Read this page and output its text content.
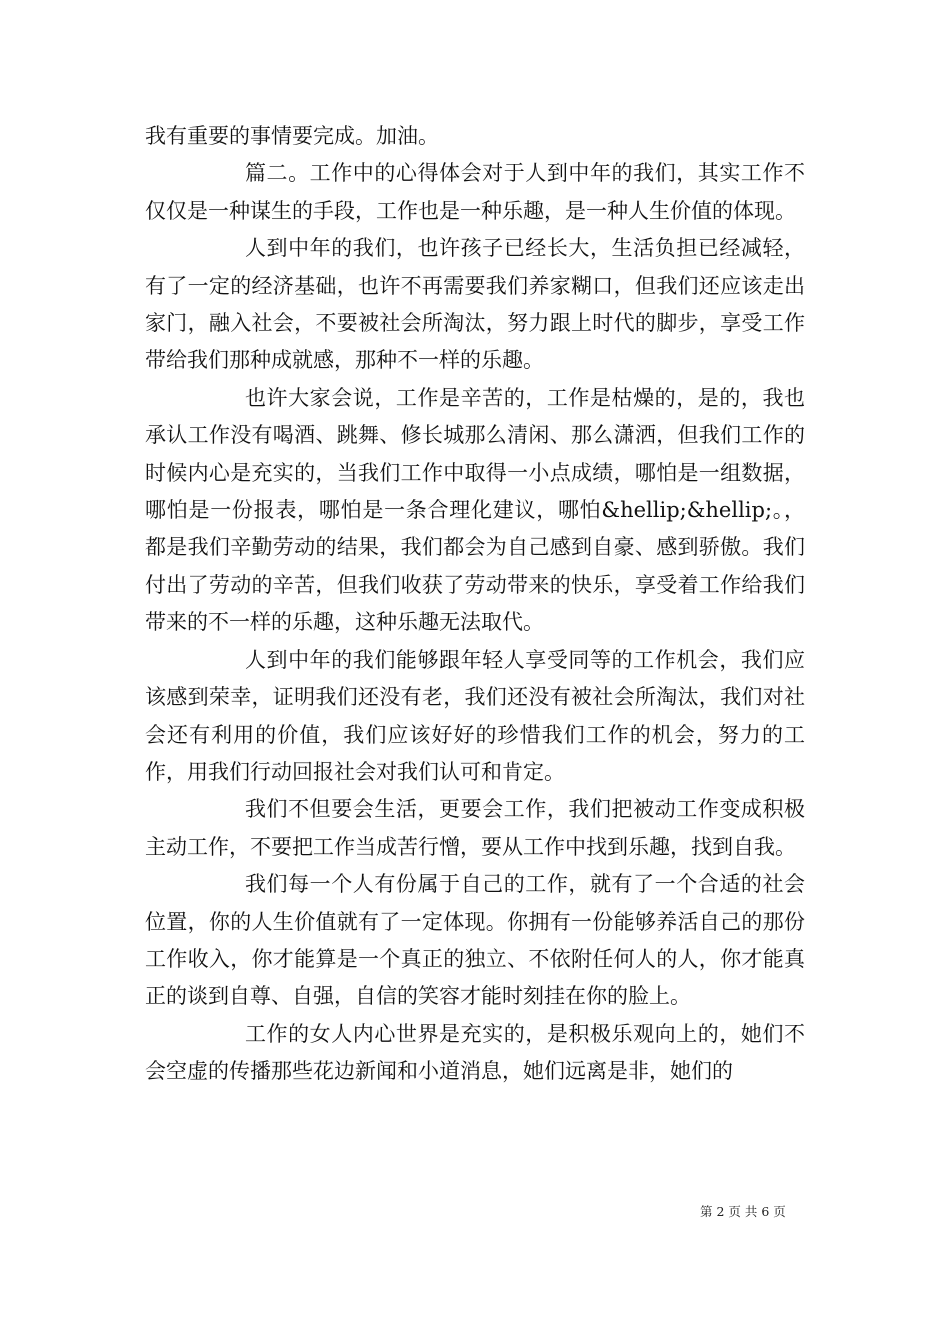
我有重要的事情要完成。加油。

篇二。工作中的心得体会对于人到中年的我们，其实工作不仅仅是一种谋生的手段，工作也是一种乐趣，是一种人生价值的体现。

人到中年的我们，也许孩子已经长大，生活负担已经减轻，有了一定的经济基础，也许不再需要我们养家糊口，但我们还应该走出家门，融入社会，不要被社会所淘汰，努力跟上时代的脚步，享受工作带给我们那种成就感，那种不一样的乐趣。

也许大家会说，工作是辛苦的，工作是枯燥的，是的，我也承认工作没有喝酒、跳舞、修长城那么清闲、那么潇洒，但我们工作的时候内心是充实的，当我们工作中取得一小点成绩，哪怕是一组数据，哪怕是一份报表，哪怕是一条合理化建议，哪怕&hellip;&hellip;。，都是我们辛勤劳动的结果，我们都会为自己感到自豪、感到骄傲。我们付出了劳动的辛苦，但我们收获了劳动带来的快乐，享受着工作给我们带来的不一样的乐趣，这种乐趣无法取代。

人到中年的我们能够跟年轻人享受同等的工作机会，我们应该感到荣幸，证明我们还没有老，我们还没有被社会所淘汰，我们对社会还有利用的价值，我们应该好好的珍惜我们工作的机会，努力的工作，用我们行动回报社会对我们认可和肯定。

我们不但要会生活，更要会工作，我们把被动工作变成积极主动工作，不要把工作当成苦行憎，要从工作中找到乐趣，找到自我。

我们每一个人有份属于自己的工作，就有了一个合适的社会位置，你的人生价值就有了一定体现。你拥有一份能够养活自己的那份工作收入，你才能算是一个真正的独立、不依附任何人的人，你才能真正的谈到自尊、自强，自信的笑容才能时刻挂在你的脸上。

工作的女人内心世界是充实的，是积极乐观向上的，她们不会空虚的传播那些花边新闻和小道消息，她们远离是非，她们的

第 2 页 共 6 页
